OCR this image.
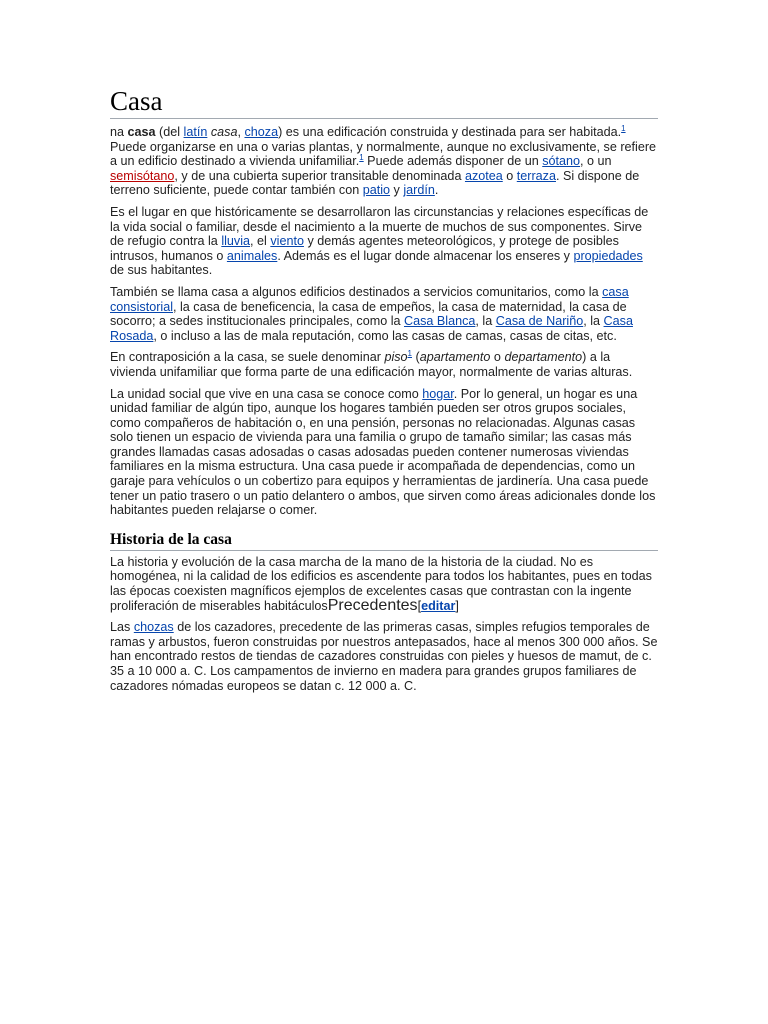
Casa

na casa (del latín casa, choza) es una edificación construida y destinada para ser habitada.$^1$ Puede organizarse en una o varias plantas, y normalmente, aunque no exclusivamente, se refiere a un edificio destinado a vivienda unifamiliar.$^1$ Puede además disponer de un sótano, o un semisótano, y de una cubierta superior transitable denominada azotea o terraza. Si dispone de terreno suficiente, puede contar también con patio y jardín.

Es el lugar en que históricamente se desarrollaron las circunstancias y relaciones específicas de la vida social o familiar, desde el nacimiento a la muerte de muchos de sus componentes. Sirve de refugio contra la lluvia, el viento y demás agentes meteorológicos, y protege de posibles intrusos, humanos o animales. Además es el lugar donde almacenar los enseres y propiedades de sus habitantes.

También se llama casa a algunos edificios destinados a servicios comunitarios, como la casa consistorial, la casa de beneficencia, la casa de empeños, la casa de maternidad, la casa de socorro; a sedes institucionales principales, como la Casa Blanca, la Casa de Nariño, la Casa Rosada, o incluso a las de mala reputación, como las casas de camas, casas de citas, etc.

En contraposición a la casa, se suele denominar piso$^1$ (apartamento o departamento) a la vivienda unifamiliar que forma parte de una edificación mayor, normalmente de varias alturas.

La unidad social que vive en una casa se conoce como hogar. Por lo general, un hogar es una unidad familiar de algún tipo, aunque los hogares también pueden ser otros grupos sociales, como compañeros de habitación o, en una pensión, personas no relacionadas. Algunas casas solo tienen un espacio de vivienda para una familia o grupo de tamaño similar; las casas más grandes llamadas casas adosadas o casas adosadas pueden contener numerosas viviendas familiares en la misma estructura. Una casa puede ir acompañada de dependencias, como un garaje para vehículos o un cobertizo para equipos y herramientas de jardinería. Una casa puede tener un patio trasero o un patio delantero o ambos, que sirven como áreas adicionales donde los habitantes pueden relajarse o comer.

Historia de la casa

La historia y evolución de la casa marcha de la mano de la historia de la ciudad. No es homogénea, ni la calidad de los edificios es ascendente para todos los habitantes, pues en todas las épocas coexisten magníficos ejemplos de excelentes casas que contrastan con la ingente proliferación de miserables habitáculosPrecedentes[editar]

Las chozas de los cazadores, precedente de las primeras casas, simples refugios temporales de ramas y arbustos, fueron construidas por nuestros antepasados, hace al menos 300 000 años. Se han encontrado restos de tiendas de cazadores construidas con pieles y huesos de mamut, de c. 35 a 10 000 a. C. Los campamentos de invierno en madera para grandes grupos familiares de cazadores nómadas europeos se datan c. 12 000 a. C.
